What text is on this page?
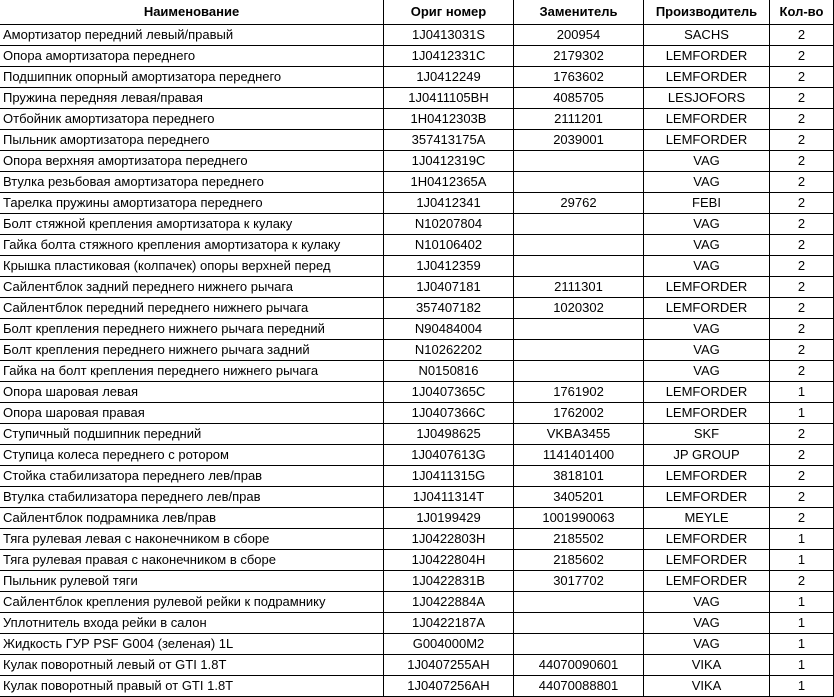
Наименование	Ориг номер	Заменитель	Производитель	Кол-во
Амортизатор передний левый/правый	1J0413031S	200954	SACHS	2
Опора амортизатора переднего	1J0412331C	2179302	LEMFORDER	2
Подшипник опорный амортизатора переднего	1J0412249	1763602	LEMFORDER	2
Пружина передняя левая/правая	1J0411105BH	4085705	LESJOFORS	2
Отбойник амортизатора переднего	1H0412303B	2111201	LEMFORDER	2
Пыльник амортизатора переднего	357413175A	2039001	LEMFORDER	2
Опора верхняя амортизатора переднего	1J0412319C		VAG	2
Втулка резьбовая амортизатора переднего	1H0412365A		VAG	2
Тарелка пружины амортизатора переднего	1J0412341	29762	FEBI	2
Болт стяжной крепления амортизатора к кулаку	N10207804		VAG	2
Гайка болта стяжного крепления амортизатора к кулаку	N10106402		VAG	2
Крышка пластиковая (колпачек) опоры верхней перед	1J0412359		VAG	2
Сайлентблок задний переднего нижнего рычага	1J0407181	2111301	LEMFORDER	2
Сайлентблок передний переднего нижнего рычага	357407182	1020302	LEMFORDER	2
Болт крепления переднего нижнего рычага передний	N90484004		VAG	2
Болт крепления переднего нижнего рычага задний	N10262202		VAG	2
Гайка на болт крепления переднего нижнего рычага	N0150816		VAG	2
Опора шаровая левая	1J0407365C	1761902	LEMFORDER	1
Опора шаровая правая	1J0407366C	1762002	LEMFORDER	1
Ступичный подшипник передний	1J0498625	VKBA3455	SKF	2
Ступица колеса переднего с ротором	1J0407613G	1141401400	JP GROUP	2
Стойка стабилизатора переднего лев/прав	1J0411315G	3818101	LEMFORDER	2
Втулка стабилизатора переднего лев/прав	1J0411314T	3405201	LEMFORDER	2
Сайлентблок подрамника лев/прав	1J0199429	1001990063	MEYLE	2
Тяга рулевая левая с наконечником в сборе	1J0422803H	2185502	LEMFORDER	1
Тяга рулевая правая с наконечником в сборе	1J0422804H	2185602	LEMFORDER	1
Пыльник рулевой тяги	1J0422831B	3017702	LEMFORDER	2
Сайлентблок крепления рулевой рейки к подрамнику	1J0422884A		VAG	1
Уплотнитель входа рейки в салон	1J0422187A		VAG	1
Жидкость ГУР PSF G004 (зеленая) 1L	G004000M2		VAG	1
Кулак поворотный левый от GTI 1.8T	1J0407255AH	44070090601	VIKA	1
Кулак поворотный правый от GTI 1.8T	1J0407256AH	44070088801	VIKA	1
